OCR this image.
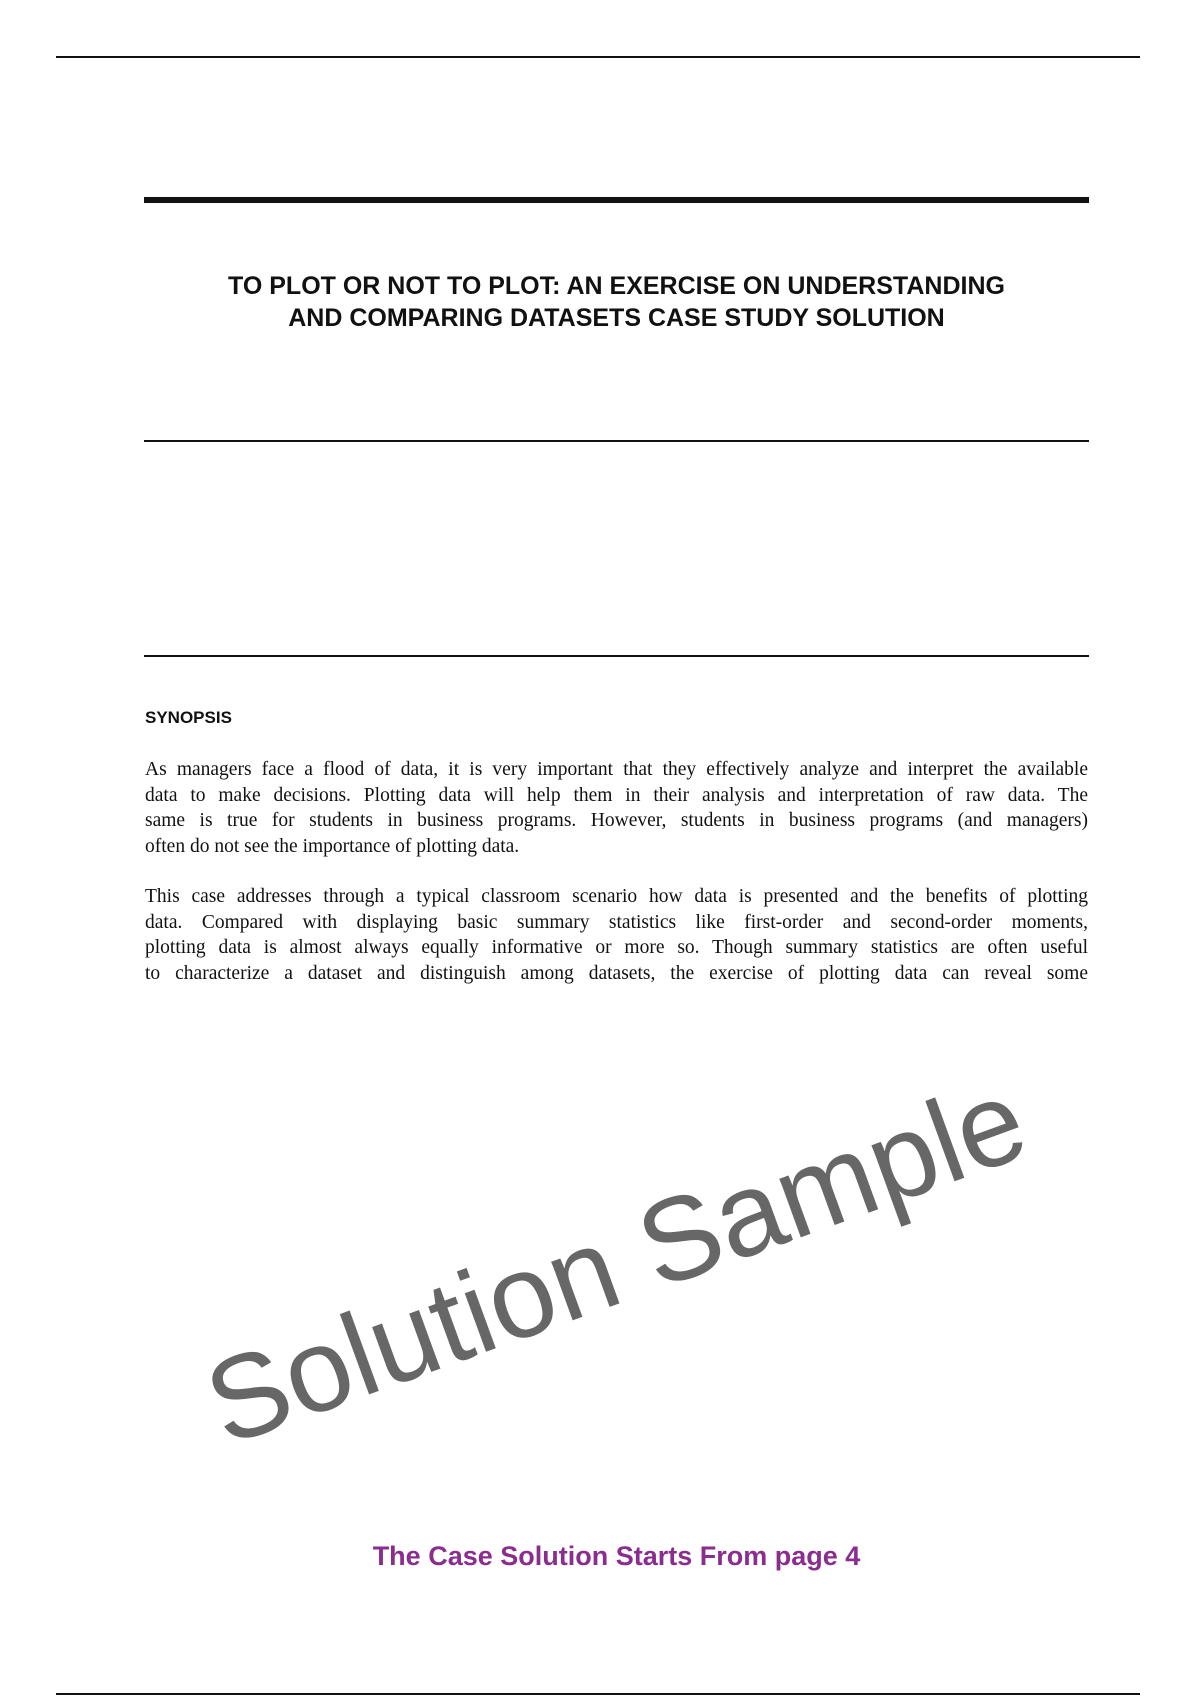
TO PLOT OR NOT TO PLOT: AN EXERCISE ON UNDERSTANDING
AND COMPARING DATASETS CASE STUDY SOLUTION
SYNOPSIS
As managers face a flood of data, it is very important that they effectively analyze and interpret the available
data to make decisions. Plotting data will help them in their analysis and interpretation of raw data. The
same is true for students in business programs. However, students in business programs (and managers)
often do not see the importance of plotting data.
This case addresses through a typical classroom scenario how data is presented and the benefits of plotting
data. Compared with displaying basic summary statistics like first-order and second-order moments,
plotting data is almost always equally informative or more so. Though summary statistics are often useful
to characterize a dataset and distinguish among datasets, the exercise of plotting data can reveal some
Solution Sample
The Case Solution Starts From page 4
